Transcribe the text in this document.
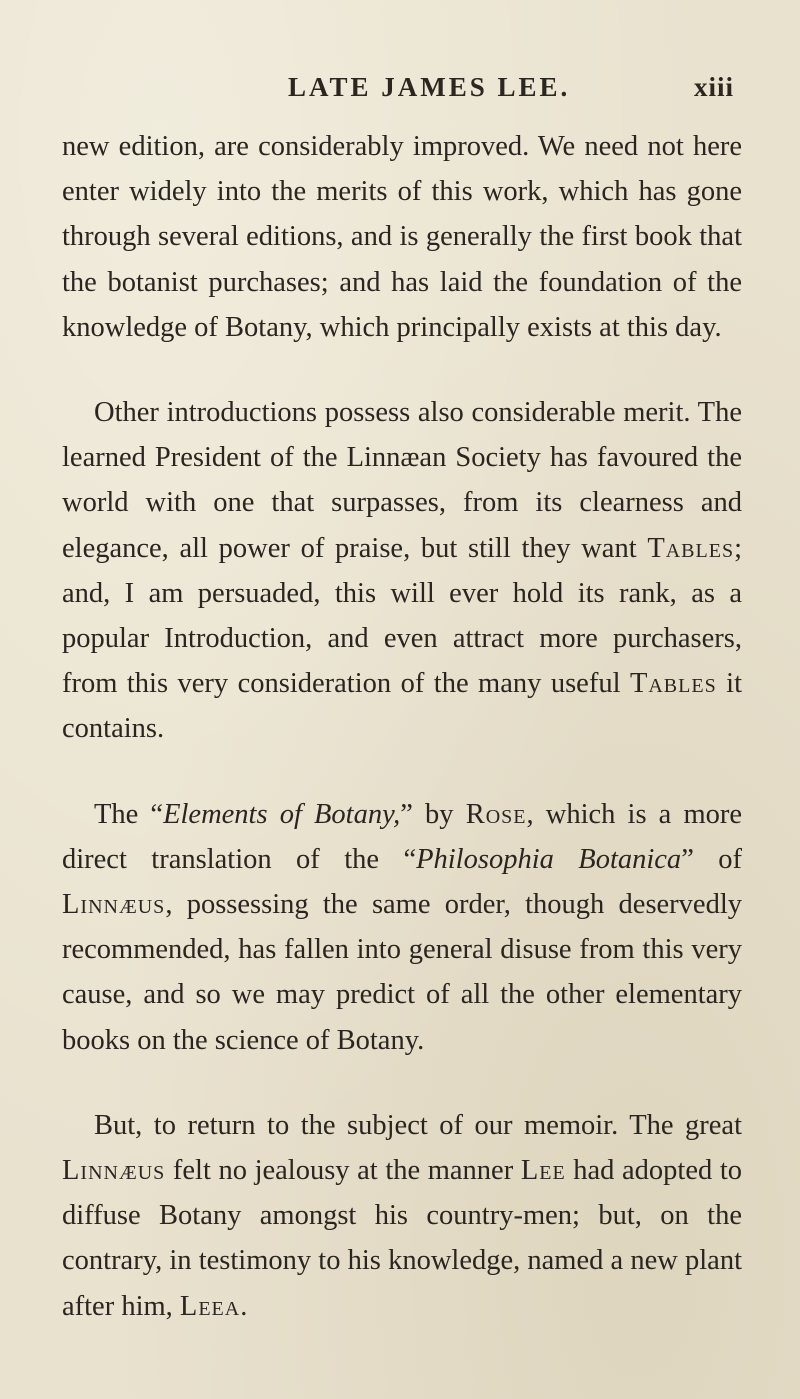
LATE JAMES LEE.	xiii

new edition, are considerably improved. We need not here enter widely into the merits of this work, which has gone through several editions, and is generally the first book that the botanist purchases; and has laid the foundation of the knowledge of Botany, which principally exists at this day.

Other introductions possess also considerable merit. The learned President of the Linnæan Society has favoured the world with one that surpasses, from its clearness and elegance, all power of praise, but still they want Tables; and, I am persuaded, this will ever hold its rank, as a popular Introduction, and even attract more purchasers, from this very consideration of the many useful Tables it contains.

The “Elements of Botany,” by Rose, which is a more direct translation of the “Philosophia Botanica” of Linnæus, possessing the same order, though deservedly recommended, has fallen into general disuse from this very cause, and so we may predict of all the other elementary books on the science of Botany.

But, to return to the subject of our memoir. The great Linnæus felt no jealousy at the manner Lee had adopted to diffuse Botany amongst his country-men; but, on the contrary, in testimony to his knowledge, named a new plant after him, Leea.
